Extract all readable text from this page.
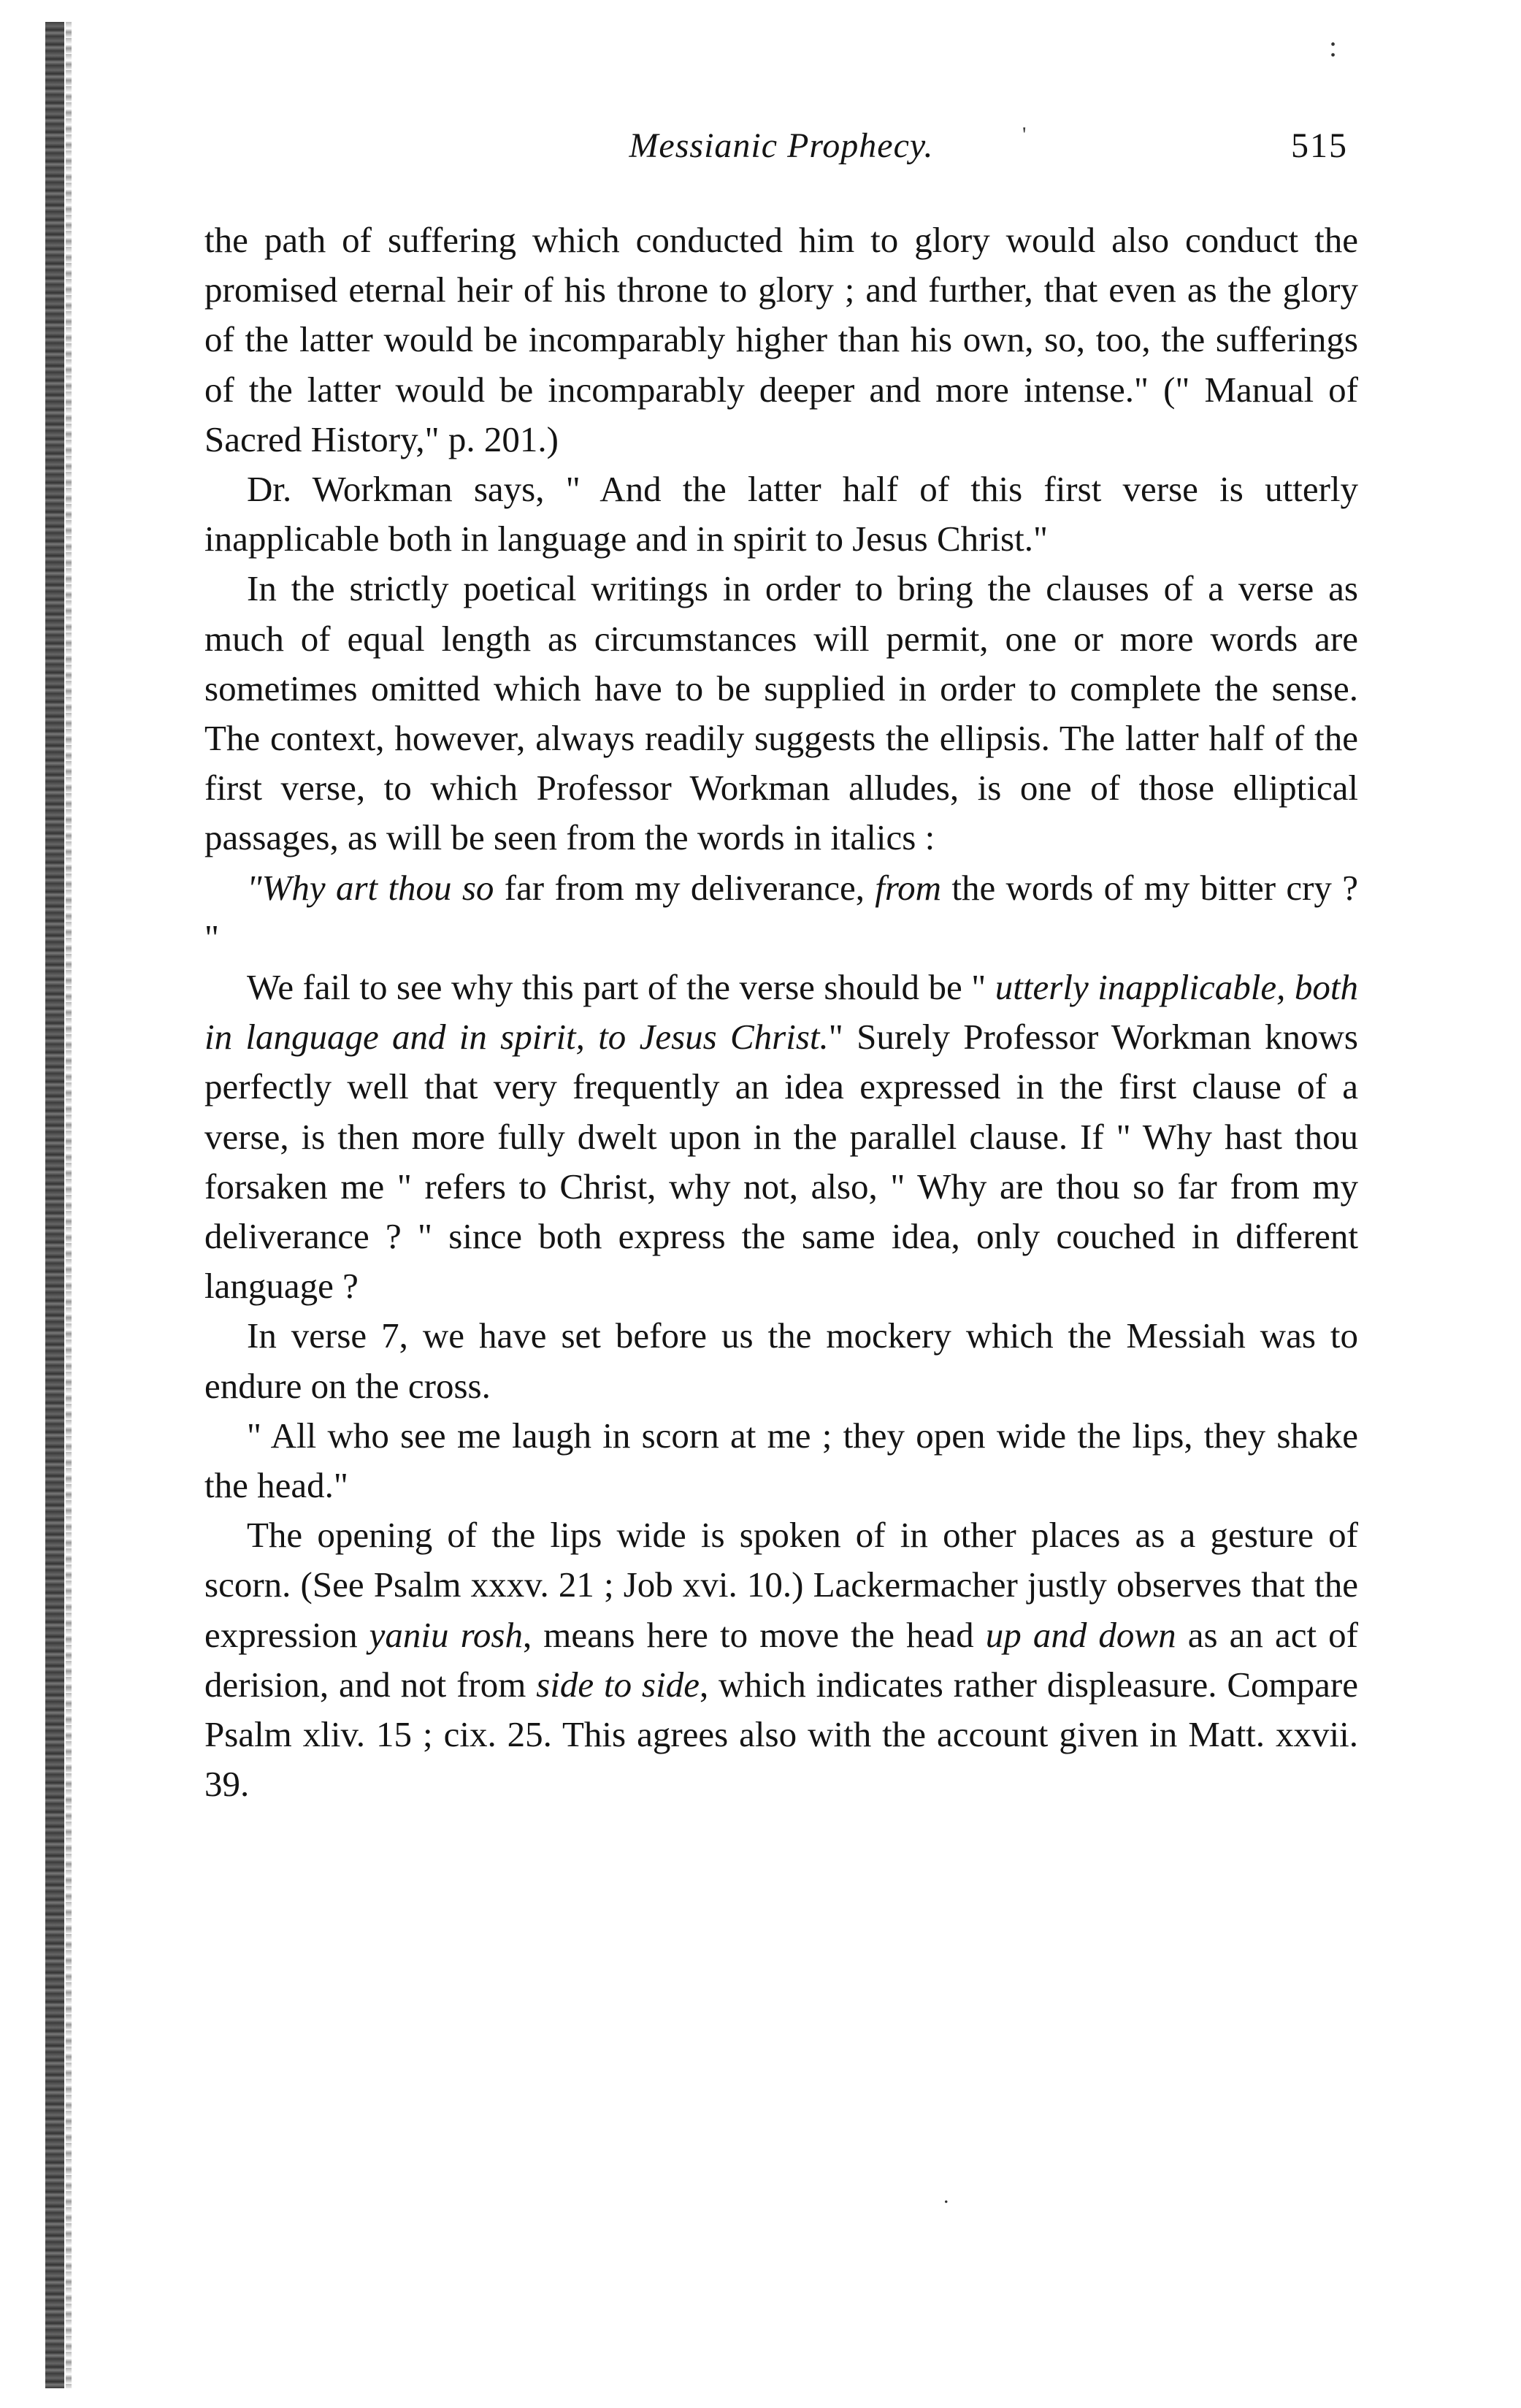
:
'
.
Messianic Prophecy.	515

the path of suffering which conducted him to glory would also conduct the promised eternal heir of his throne to glory ; and further, that even as the glory of the latter would be incomparably higher than his own, so, too, the sufferings of the latter would be incomparably deeper and more intense." (" Manual of Sacred History," p. 201.)

Dr. Workman says, " And the latter half of this first verse is utterly inapplicable both in language and in spirit to Jesus Christ."

In the strictly poetical writings in order to bring the clauses of a verse as much of equal length as circumstances will permit, one or more words are sometimes omitted which have to be supplied in order to complete the sense. The context, however, always readily suggests the ellipsis. The latter half of the first verse, to which Professor Workman alludes, is one of those elliptical passages, as will be seen from the words in italics :

"Why art thou so far from my deliverance, from the words of my bitter cry ? "

We fail to see why this part of the verse should be " utterly inapplicable, both in language and in spirit, to Jesus Christ." Surely Professor Workman knows perfectly well that very frequently an idea expressed in the first clause of a verse, is then more fully dwelt upon in the parallel clause. If " Why hast thou forsaken me " refers to Christ, why not, also, " Why are thou so far from my deliverance ? " since both express the same idea, only couched in different language ?

In verse 7, we have set before us the mockery which the Messiah was to endure on the cross.

" All who see me laugh in scorn at me ; they open wide the lips, they shake the head."

The opening of the lips wide is spoken of in other places as a gesture of scorn. (See Psalm xxxv. 21 ; Job xvi. 10.) Lackermacher justly observes that the expression yaniu rosh, means here to move the head up and down as an act of derision, and not from side to side, which indicates rather displeasure. Compare Psalm xliv. 15 ; cix. 25. This agrees also with the account given in Matt. xxvii. 39.
